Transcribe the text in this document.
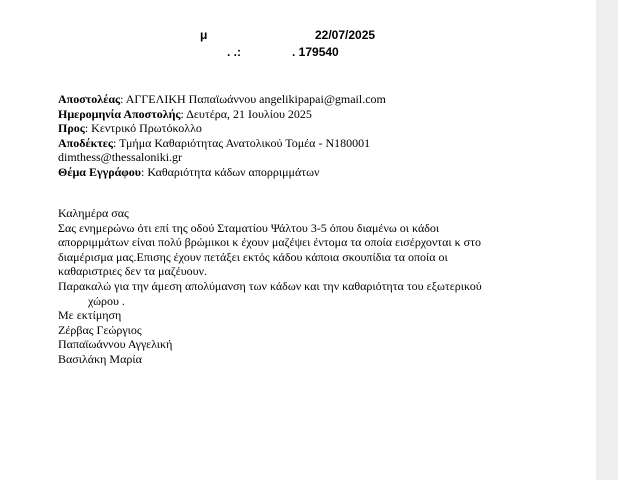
μ	22/07/2025
. .:	. 179540
Αποστολέας: ΑΓΓΕΛΙΚΗ Παπαϊωάννου angelikipapai@gmail.com
Ημερομηνία Αποστολής: Δευτέρα, 21 Ιουλίου 2025
Προς: Κεντρικό Πρωτόκολλο
Αποδέκτες: Τμήμα Καθαριότητας Ανατολικού Τομέα - Ν180001
dimthess@thessaloniki.gr
Θέμα Εγγράφου: Καθαριότητα κάδων απορριμμάτων
Καλημέρα σας
Σας ενημερώνω ότι επί της οδού Σταματίου Ψάλτου 3-5 όπου διαμένω οι κάδοι
απορριμμάτων είναι πολύ βρώμικοι κ έχουν μαζέψει έντομα τα οποία εισέρχονται κ στο
διαμέρισμα μας.Επισης έχουν πετάξει εκτός κάδου κάποια σκουπίδια τα οποία οι
καθαριστριες δεν τα μαζέυουν.
Παρακαλώ για την άμεση απολύμανση των κάδων και την καθαριότητα του εξωτερικού
χώρου .
Με εκτίμηση
Ζέρβας Γεώργιος
Παπαϊωάννου Αγγελική
Βασιλάκη Μαρία
